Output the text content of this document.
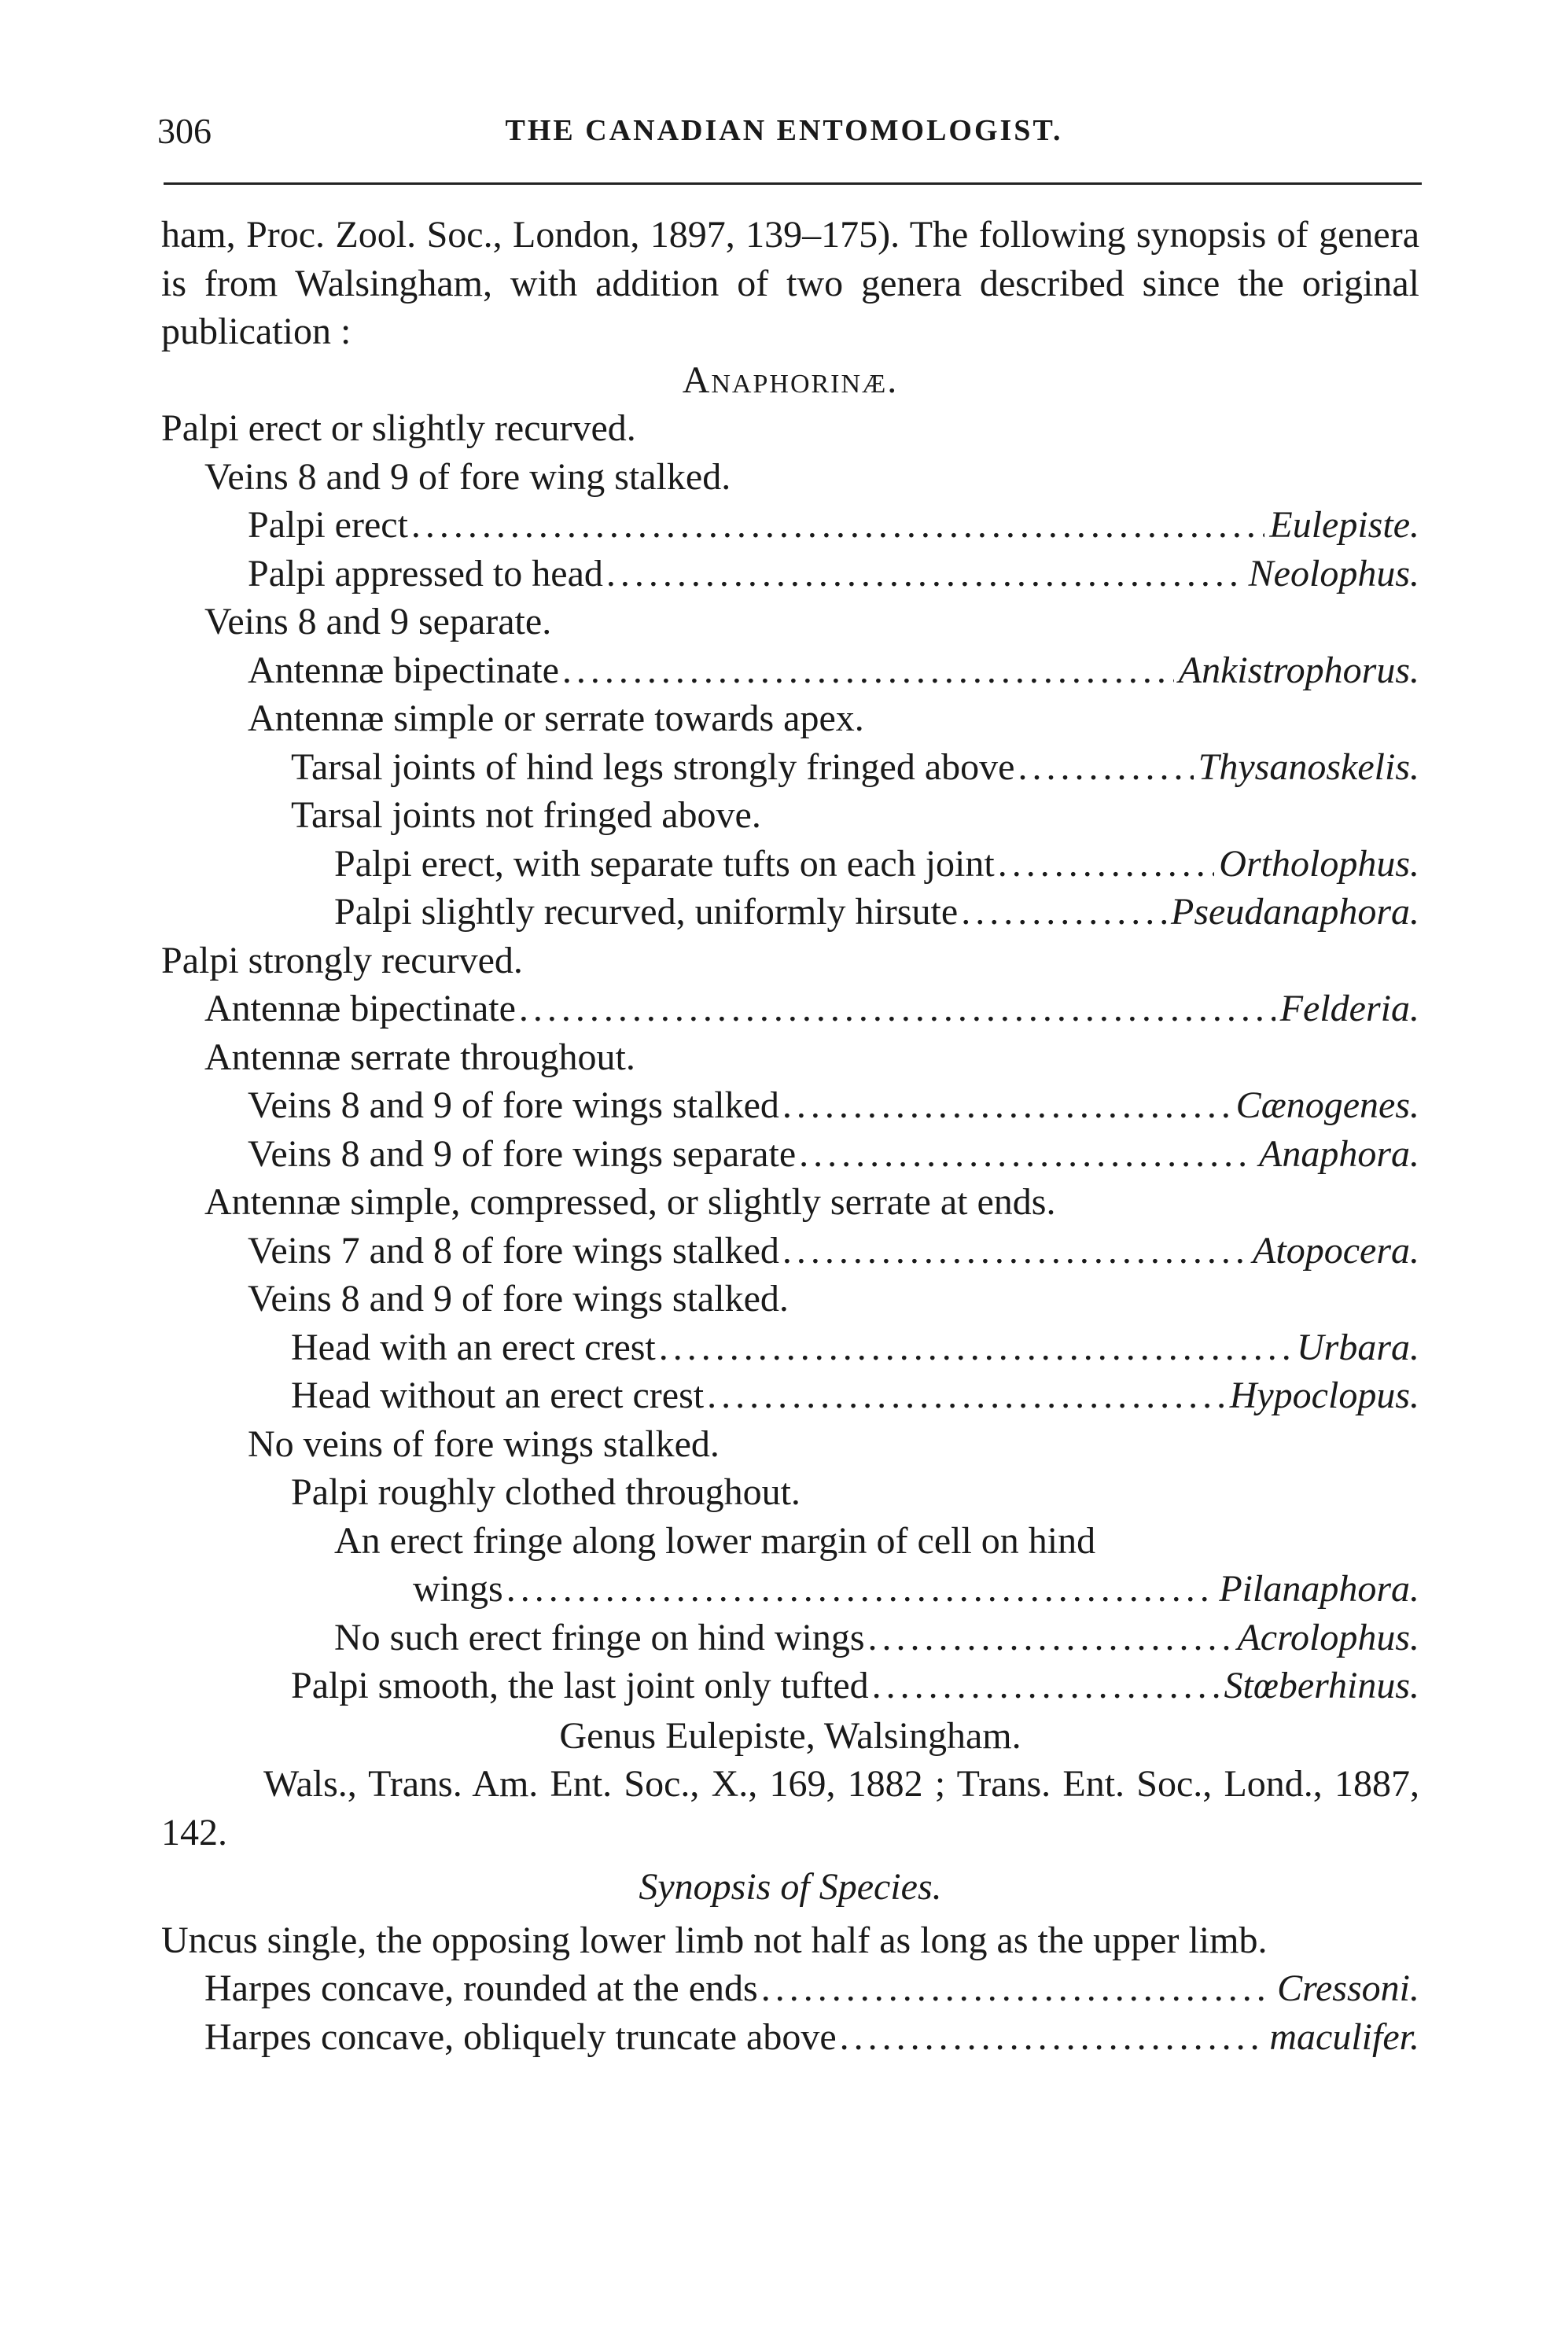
306	THE CANADIAN ENTOMOLOGIST.
ham, Proc. Zool. Soc., London, 1897, 139–175). The following synopsis of genera is from Walsingham, with addition of two genera described since the original publication :
Anaphorinæ.
Palpi erect or slightly recurved.
Veins 8 and 9 of fore wing stalked.
Palpi erect .....	Eulepiste.
Palpi appressed to head .....	Neolophus.
Veins 8 and 9 separate.
Antennæ bipectinate .....	Ankistrophorus.
Antennæ simple or serrate towards apex.
Tarsal joints of hind legs strongly fringed above .....	Thysanoskelis.
Tarsal joints not fringed above.
Palpi erect, with separate tufts on each joint .....	Ortholophus.
Palpi slightly recurved, uniformly hirsute .....	Pseudanaphora.
Palpi strongly recurved.
Antennæ bipectinate .....	Felderia.
Antennæ serrate throughout.
Veins 8 and 9 of fore wings stalked .....	Cænogenes.
Veins 8 and 9 of fore wings separate .....	Anaphora.
Antennæ simple, compressed, or slightly serrate at ends.
Veins 7 and 8 of fore wings stalked .....	Atopocera.
Veins 8 and 9 of fore wings stalked.
Head with an erect crest .....	Urbara.
Head without an erect crest .....	Hypoclopus.
No veins of fore wings stalked.
Palpi roughly clothed throughout.
An erect fringe along lower margin of cell on hind
wings .....	Pilanaphora.
No such erect fringe on hind wings .....	Acrolophus.
Palpi smooth, the last joint only tufted .....	Stœberhinus.
Genus Eulepiste, Walsingham.
Wals., Trans. Am. Ent. Soc., X., 169, 1882 ; Trans. Ent. Soc., Lond., 1887, 142.
Synopsis of Species.
Uncus single, the opposing lower limb not half as long as the upper limb.
Harpes concave, rounded at the ends .....	Cressoni.
Harpes concave, obliquely truncate above .....	maculifer.
